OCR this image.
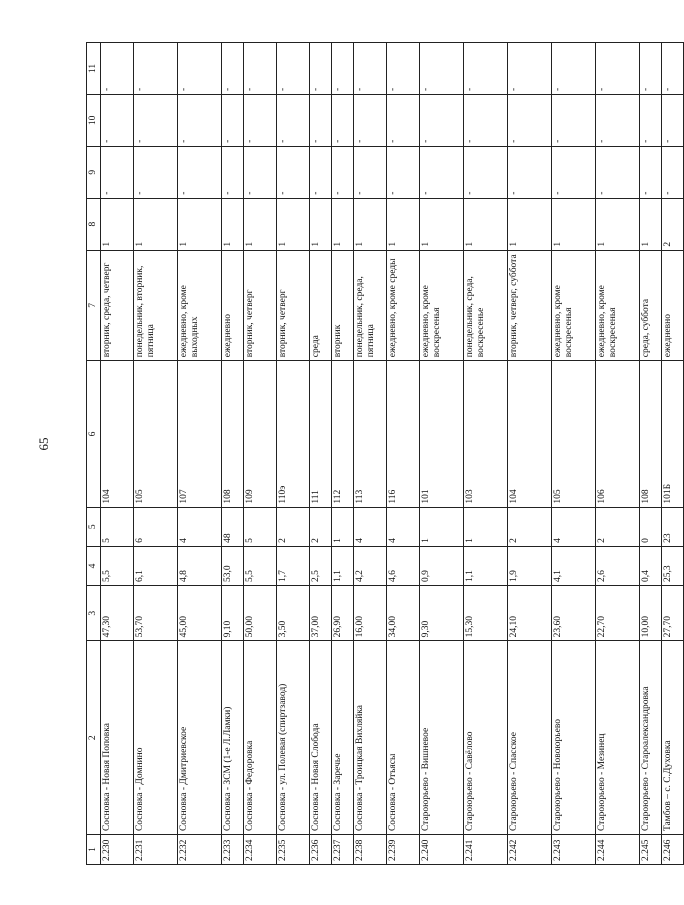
65
1	2	3	4	5	6	7	8	9	10	11
2.230	Сосновка - Новая Поповка	47,30	5,5	5	104	вторник, среда, четверг	1	-	-	-
2.231	Сосновка - Домнино	53,70	6,1	6	105	понедельник, вторник, пятница	1	-	-	-
2.232	Сосновка - Дмитриевское	45,00	4,8	4	107	ежедневно, кроме выходных	1	-	-	-
2.233	Сосновка - ЗСМ (1-е Л.Ламки)	9,10	53,0	48	108	ежедневно	1	-	-	-
2.234	Сосновка - Федоровка	50,00	5,5	5	109	вторник, четверг	1	-	-	-
2.235	Сосновка - ул. Полевая (спиртзавод)	3,50	1,7	2	110э	вторник, четверг	1	-	-	-
2.236	Сосновка - Новая Слобода	37,00	2,5	2	111	среда	1	-	-	-
2.237	Сосновка - Заречье	26,90	1,1	1	112	вторник	1	-	-	-
2.238	Сосновка - Троицкая Вихляйка	16,00	4,2	4	113	понедельник, среда, пятница	1	-	-	-
2.239	Сосновка - Отъясы	34,00	4,6	4	116	ежедневно, кроме среды	1	-	-	-
2.240	Староюрьево - Вишневое	9,30	0,9	1	101	ежедневно, кроме воскресенья	1	-	-	-
2.241	Староюрьево - Савёлово	15,30	1,1	1	103	понедельник, среда, воскресенье	1	-	-	-
2.242	Староюрьево - Спасское	24,10	1,9	2	104	вторник, четверг, суббота	1	-	-	-
2.243	Староюрьево - Новоюрьево	23,60	4,1	4	105	ежедневно, кроме воскресенья	1	-	-	-
2.244	Староюрьево - Мезинец	22,70	2,6	2	106	ежедневно, кроме воскресенья	1	-	-	-
2.245	Староюрьево - Староалександровка	10,00	0,4	0	108	среда, суббота	1	-	-	-
2.246	Тамбов – с. С.Духовка	27,70	25,3	23	101Б	ежедневно	2	-	-	-
